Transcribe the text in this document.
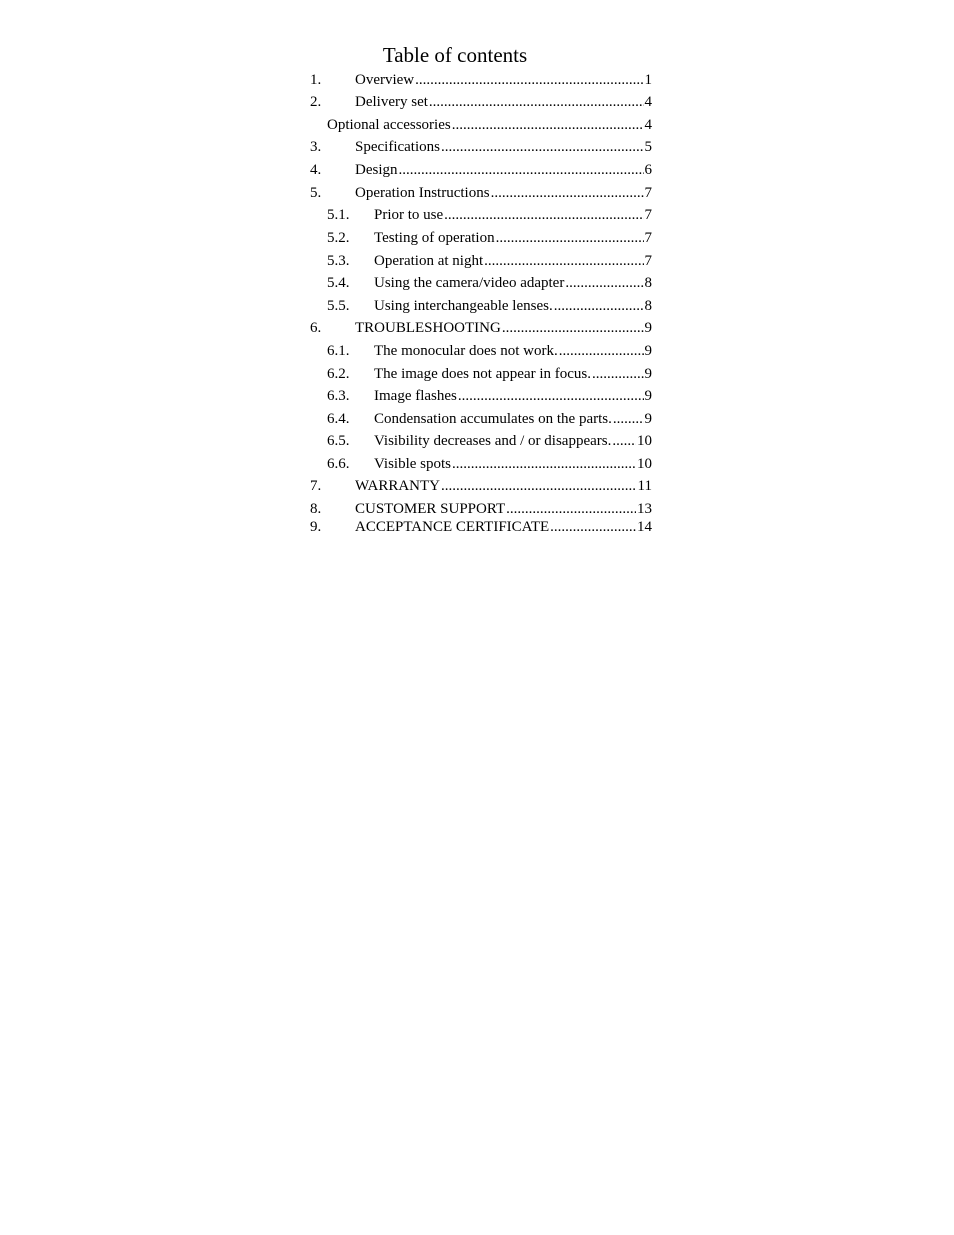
Table of contents
1. Overview .....	1
2. Delivery set .....	4
Optional accessories .....	4
3. Specifications .....	5
4. Design .....	6
5. Operation Instructions .....	7
5.1. Prior to use .....	7
5.2. Testing of operation .....	7
5.3. Operation at night .....	7
5.4. Using the camera/video adapter .....	8
5.5. Using interchangeable lenses. .....	8
6. TROUBLESHOOTING .....	9
6.1. The monocular does not work. .....	9
6.2. The image does not appear in focus. .....	9
6.3. Image flashes .....	9
6.4. Condensation accumulates on the parts. ..... 9
6.5. Visibility decreases and / or disappears. ..... 10
6.6. Visible spots .....	10
7. WARRANTY .....	11
8. CUSTOMER SUPPORT .....	13
9. ACCEPTANCE CERTIFICATE .....	14
